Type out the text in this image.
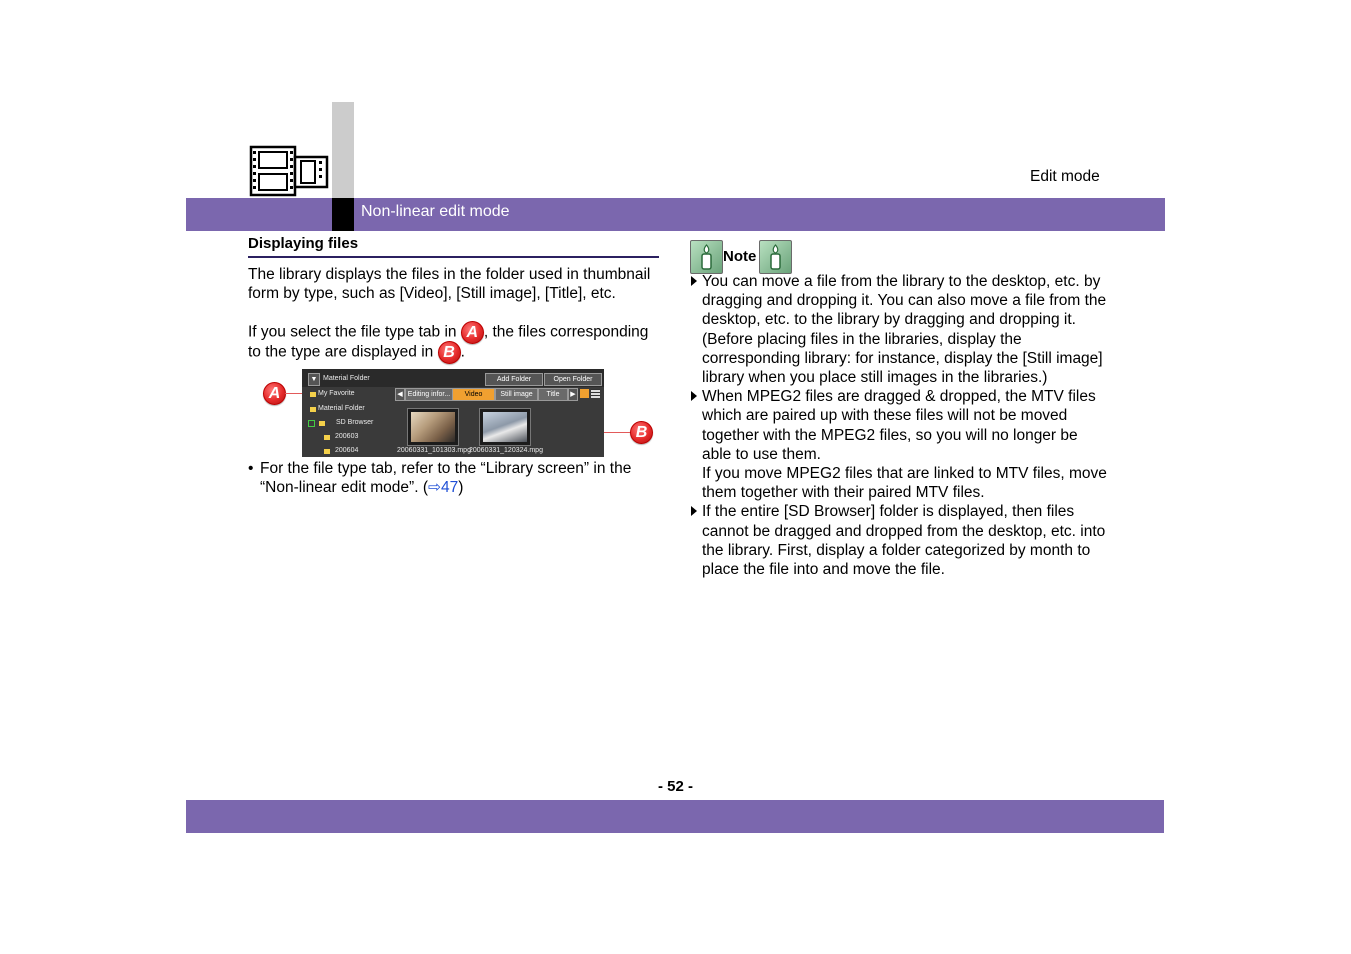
Edit mode
Non-linear edit mode
Displaying files
The library displays the files in the folder used in thumbnail form by type, such as [Video], [Still image], [Title], etc.
If you select the file type tab in A , the files corresponding
to the type are displayed in B .
A
B
▼ Material Folder	Add Folder	Open Folder
My Favorite
Material Folder
SD Browser
200603
200604
◀ Editing infor...	Video	Still image	Title	▶
20060331_101303.mpg
20060331_120324.mpg
• For the file type tab, refer to the “Library screen” in the “Non-linear edit mode”. (⇨47)
Note
You can move a file from the library to the desktop, etc. by dragging and dropping it. You can also move a file from the desktop, etc. to the library by dragging and dropping it. (Before placing files in the libraries, display the corresponding library: for instance, display the [Still image] library when you place still images in the libraries.)
When MPEG2 files are dragged & dropped, the MTV files which are paired up with these files will not be moved together with the MPEG2 files, so you will no longer be able to use them.
If you move MPEG2 files that are linked to MTV files, move them together with their paired MTV files.
If the entire [SD Browser] folder is displayed, then files cannot be dragged and dropped from the desktop, etc. into the library. First, display a folder categorized by month to place the file into and move the file.
- 52 -
